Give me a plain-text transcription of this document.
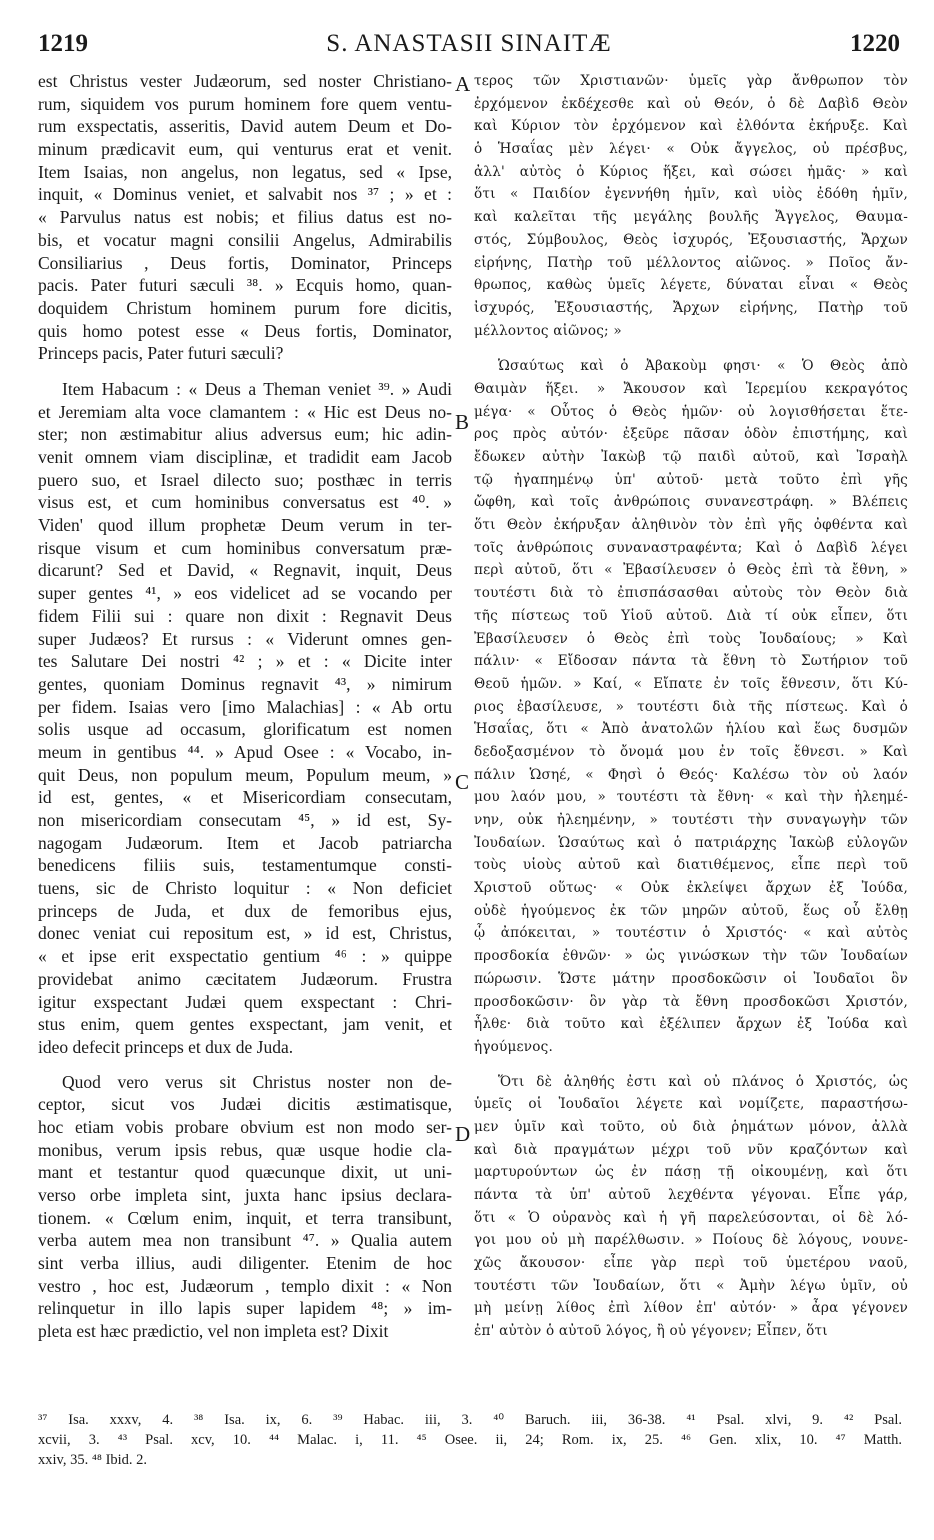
1219	S. ANASTASII SINAITÆ	1220
est Christus vester Judæorum, sed noster Christiano-
rum, siquidem vos purum hominem fore quem ventu-
rum exspectatis, asseritis, David autem Deum et Do-
minum prædicavit eum, qui venturus erat et venit.
Item Isaias, non angelus, non legatus, sed « Ipse,
inquit, « Dominus veniet, et salvabit nos ³⁷ ; » et :
« Parvulus natus est nobis; et filius datus est no-
bis, et vocatur magni consilii Angelus, Admirabilis
Consiliarius , Deus fortis, Dominator, Princeps
pacis. Pater futuri sæculi ³⁸. » Ecquis homo, quan-
doquidem Christum hominem purum fore dicitis,
quis homo potest esse « Deus fortis, Dominator,
Princeps pacis, Pater futuri sæculi?
Item Habacum : « Deus a Theman veniet ³⁹. » Audi
et Jeremiam alta voce clamantem : « Hic est Deus no-
ster; non æstimabitur alius adversus eum; hic adin-
venit omnem viam disciplinæ, et tradidit eam Jacob
puero suo, et Israel dilecto suo; posthæc in terris
visus est, et cum hominibus conversatus est ⁴⁰. »
Viden' quod illum prophetæ Deum verum in ter-
risque visum et cum hominibus conversatum præ-
dicarunt? Sed et David, « Regnavit, inquit, Deus
super gentes ⁴¹, » eos videlicet ad se vocando per
fidem Filii sui : quare non dixit : Regnavit Deus
super Judæos? Et rursus : « Viderunt omnes gen-
tes Salutare Dei nostri ⁴² ; » et : « Dicite inter
gentes, quoniam Dominus regnavit ⁴³, » nimirum
per fidem. Isaias vero [imo Malachias] : « Ab ortu
solis usque ad occasum, glorificatum est nomen
meum in gentibus ⁴⁴. » Apud Osee : « Vocabo, in-
quit Deus, non populum meum, Populum meum, »
id est, gentes, « et Misericordiam consecutam,
non misericordiam consecutam ⁴⁵, » id est, Sy-
nagogam Judæorum. Item et Jacob patriarcha
benedicens filiis suis, testamentumque consti-
tuens, sic de Christo loquitur : « Non deficiet
princeps de Juda, et dux de femoribus ejus,
donec veniat cui repositum est, » id est, Christus,
« et ipse erit exspectatio gentium ⁴⁶ : » quippe
providebat animo cæcitatem Judæorum. Frustra
igitur exspectant Judæi quem exspectant : Chri-
stus enim, quem gentes exspectant, jam venit, et
ideo defecit princeps et dux de Juda.
Quod vero verus sit Christus noster non de-
ceptor, sicut vos Judæi dicitis æstimatisque,
hoc etiam vobis probare obvium est non modo ser-
monibus, verum ipsis rebus, quæ usque hodie cla-
mant et testantur quod quæcunque dixit, ut uni-
verso orbe impleta sint, juxta hanc ipsius declara-
tionem. « Cœlum enim, inquit, et terra transibunt,
verba autem mea non transibunt ⁴⁷. » Qualia autem
sint verba illius, audi diligenter. Etenim de hoc
vestro , hoc est, Judæorum , templo dixit : « Non
relinquetur in illo lapis super lapidem ⁴⁸; » im-
pleta est hæc prædictio, vel non impleta est? Dixit
τερος τῶν Χριστιανῶν· ὑμεῖς γὰρ ἄνθρωπον τὸν
ἐρχόμενον ἐκδέχεσθε καὶ οὐ Θεόν, ὁ δὲ Δαβὶδ Θεὸν
καὶ Κύριον τὸν ἐρχόμενον καὶ ἐλθόντα ἐκήρυξε. Καὶ
ὁ Ἡσαΐας μὲν λέγει· « Οὐκ ἄγγελος, οὐ πρέσβυς,
ἀλλ' αὐτὸς ὁ Κύριος ἥξει, καὶ σώσει ἡμᾶς· » καὶ
ὅτι « Παιδίον ἐγεννήθη ἡμῖν, καὶ υἱὸς ἐδόθη ἡμῖν,
καὶ καλεῖται τῆς μεγάλης βουλῆς Ἄγγελος, Θαυμα-
στός, Σύμβουλος, Θεὸς ἰσχυρός, Ἐξουσιαστής, Ἄρχων
εἰρήνης, Πατὴρ τοῦ μέλλοντος αἰῶνος. » Ποῖος ἄν-
θρωπος, καθὼς ὑμεῖς λέγετε, δύναται εἶναι « Θεὸς
ἰσχυρός, Ἐξουσιαστής, Ἄρχων εἰρήνης, Πατὴρ τοῦ
μέλλοντος αἰῶνος; »
Ὡσαύτως καὶ ὁ Ἀβακοὺμ φησι· « Ὁ Θεὸς ἀπὸ
Θαιμὰν ἥξει. » Ἄκουσον καὶ Ἱερεμίου κεκραγότος
μέγα· « Οὗτος ὁ Θεὸς ἡμῶν· οὐ λογισθήσεται ἕτε-
ρος πρὸς αὐτόν· ἐξεῦρε πᾶσαν ὁδὸν ἐπιστήμης, καὶ
ἔδωκεν αὐτὴν Ἰακὼβ τῷ παιδὶ αὐτοῦ, καὶ Ἰσραὴλ
τῷ ἠγαπημένῳ ὑπ' αὐτοῦ· μετὰ τοῦτο ἐπὶ γῆς
ὤφθη, καὶ τοῖς ἀνθρώποις συνανεστράφη. » Βλέπεις
ὅτι Θεὸν ἐκήρυξαν ἀληθινὸν τὸν ἐπὶ γῆς ὀφθέντα καὶ
τοῖς ἀνθρώποις συναναστραφέντα; Καὶ ὁ Δαβὶδ λέγει
περὶ αὐτοῦ, ὅτι « Ἐβασίλευσεν ὁ Θεὸς ἐπὶ τὰ ἔθνη, »
τουτέστι διὰ τὸ ἐπισπάσασθαι αὐτοὺς τὸν Θεὸν διὰ
τῆς πίστεως τοῦ Υἱοῦ αὐτοῦ. Διὰ τί οὐκ εἶπεν, ὅτι
Ἐβασίλευσεν ὁ Θεὸς ἐπὶ τοὺς Ἰουδαίους; » Καὶ
πάλιν· « Εἴδοσαν πάντα τὰ ἔθνη τὸ Σωτήριον τοῦ
Θεοῦ ἡμῶν. » Καί, « Εἴπατε ἐν τοῖς ἔθνεσιν, ὅτι Κύ-
ριος ἐβασίλευσε, » τουτέστι διὰ τῆς πίστεως. Καὶ ὁ
Ἡσαΐας, ὅτι « Ἀπὸ ἀνατολῶν ἡλίου καὶ ἕως δυσμῶν
δεδοξασμένον τὸ ὄνομά μου ἐν τοῖς ἔθνεσι. » Καὶ
πάλιν Ὡσηέ, « Φησὶ ὁ Θεός· Καλέσω τὸν οὐ λαόν
μου λαόν μου, » τουτέστι τὰ ἔθνη· « καὶ τὴν ἠλεημέ-
νην, οὐκ ἠλεημένην, » τουτέστι τὴν συναγωγὴν τῶν
Ἰουδαίων. Ὡσαύτως καὶ ὁ πατριάρχης Ἰακὼβ εὐλογῶν
τοὺς υἱοὺς αὐτοῦ καὶ διατιθέμενος, εἶπε περὶ τοῦ
Χριστοῦ οὕτως· « Οὐκ ἐκλείψει ἄρχων ἐξ Ἰούδα,
οὐδὲ ἡγούμενος ἐκ τῶν μηρῶν αὐτοῦ, ἕως οὗ ἔλθῃ
ᾧ ἀπόκειται, » τουτέστιν ὁ Χριστός· « καὶ αὐτὸς
προσδοκία ἐθνῶν· » ὡς γινώσκων τὴν τῶν Ἰουδαίων
πώρωσιν. Ὥστε μάτην προσδοκῶσιν οἱ Ἰουδαῖοι ὃν
προσδοκῶσιν· ὃν γὰρ τὰ ἔθνη προσδοκῶσι Χριστόν,
ἦλθε· διὰ τοῦτο καὶ ἐξέλιπεν ἄρχων ἐξ Ἰούδα καὶ
ἡγούμενος.
Ὅτι δὲ ἀληθής ἐστι καὶ οὐ πλάνος ὁ Χριστός, ὡς
ὑμεῖς οἱ Ἰουδαῖοι λέγετε καὶ νομίζετε, παραστήσω-
μεν ὑμῖν καὶ τοῦτο, οὐ διὰ ῥημάτων μόνον, ἀλλὰ
καὶ διὰ πραγμάτων μέχρι τοῦ νῦν κραζόντων καὶ
μαρτυρούντων ὡς ἐν πάσῃ τῇ οἰκουμένῃ, καὶ ὅτι
πάντα τὰ ὑπ' αὐτοῦ λεχθέντα γέγοναι. Εἶπε γάρ,
ὅτι « Ὁ οὐρανὸς καὶ ἡ γῆ παρελεύσονται, οἱ δὲ λό-
γοι μου οὐ μὴ παρέλθωσιν. » Ποίους δὲ λόγους, νουνε-
χῶς ἄκουσον· εἶπε γὰρ περὶ τοῦ ὑμετέρου ναοῦ,
τουτέστι τῶν Ἰουδαίων, ὅτι « Ἀμὴν λέγω ὑμῖν, οὐ
μὴ μείνῃ λίθος ἐπὶ λίθον ἐπ' αὐτόν· » ἆρα γέγονεν
ἐπ' αὐτὸν ὁ αὐτοῦ λόγος, ἢ οὐ γέγονεν; Εἶπεν, ὅτι
A
B
C
D
³⁷ Isa. xxxv, 4. ³⁸ Isa. ix, 6. ³⁹ Habac. iii, 3. ⁴⁰ Baruch. iii, 36-38. ⁴¹ Psal. xlvi, 9. ⁴² Psal.
xcvii, 3. ⁴³ Psal. xcv, 10. ⁴⁴ Malac. i, 11. ⁴⁵ Osee. ii, 24; Rom. ix, 25. ⁴⁶ Gen. xlix, 10. ⁴⁷ Matth.
xxiv, 35. ⁴⁸ Ibid. 2.
